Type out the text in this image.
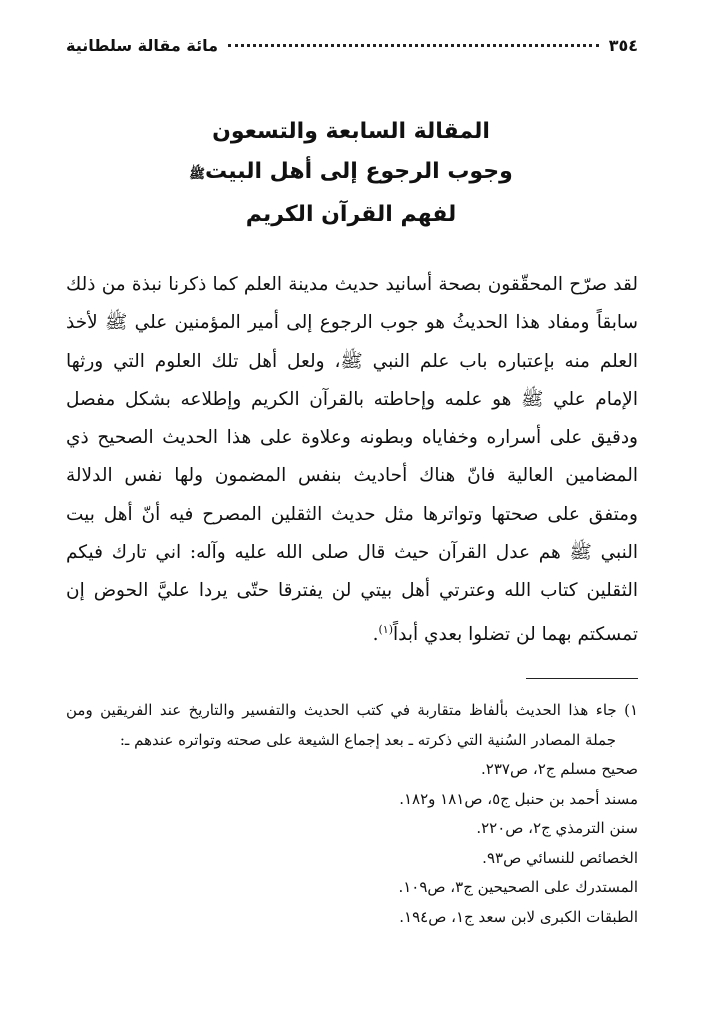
٣٥٤
مائة مقالة سلطانية
المقالة السابعة والتسعون
وجوب الرجوع إلى أهل البيتﷺ
لفهم القرآن الكريم

لقد صرّح المحقّقون بصحة أسانيد حديث مدينة العلم كما ذكرنا نبذة من ذلك سابقاً ومفاد هذا الحديثُ هو جوب الرجوع إلى أمير المؤمنين علي ﷺ لأخذ العلم منه بإعتباره باب علم النبي ﷺ، ولعل أهل تلك العلوم التي ورثها الإمام علي ﷺ هو علمه وإحاطته بالقرآن الكريم وإطلاعه بشكل مفصل ودقيق على أسراره وخفاياه وبطونه وعلاوة على هذا الحديث الصحيح ذي المضامين العالية فانّ هناك أحاديث بنفس المضمون ولها نفس الدلالة ومتفق على صحتها وتواترها مثل حديث الثقلين المصرح فيه أنّ أهل بيت النبي ﷺ هم عدل القرآن حيث قال صلى الله عليه وآله: اني تارك فيكم الثقلين كتاب الله وعترتي أهل بيتي لن يفترقا حتّى يردا عليَّ الحوض إن تمسكتم بهما لن تضلوا بعدي أبداً$^{(١)}$.

١) جاء هذا الحديث بألفاظ متقاربة في كتب الحديث والتفسير والتاريخ عند الفريقين ومن
جملة المصادر السُنية التي ذكرته ـ بعد إجماع الشيعة على صحته وتواتره عندهم ـ:
صحيح مسلم ج٢، ص٢٣٧.
مسند أحمد بن حنبل ج٥، ص١٨١ و١٨٢.
سنن الترمذي ج٢، ص٢٢٠.
الخصائص للنسائي ص٩٣.
المستدرك على الصحيحين ج٣، ص١٠٩.
الطبقات الكبرى لابن سعد ج١، ص١٩٤.
